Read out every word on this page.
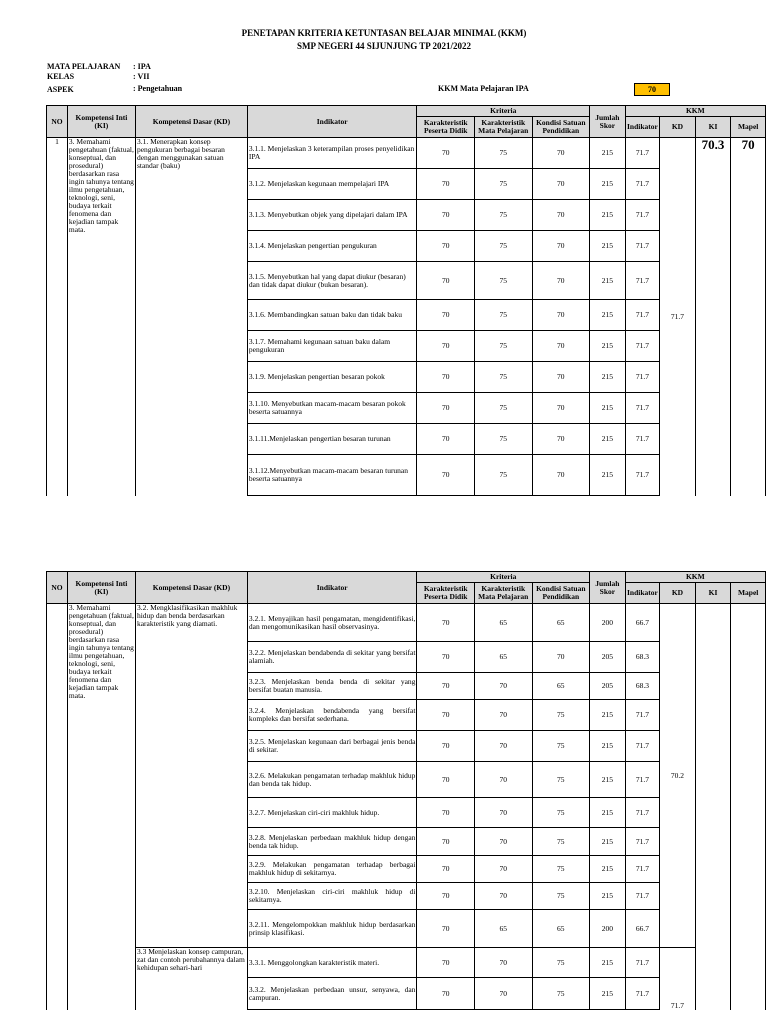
PENETAPAN KRITERIA KETUNTASAN BELAJAR MINIMAL (KKM)
SMP NEGERI 44 SIJUNJUNG TP 2021/2022
MATA PELAJARAN : IPA
KELAS	: VII
ASPEK	: Pengetahuan	KKM Mata Pelajaran IPA	70
NO	Kompetensi Inti (KI)	Kompetensi Dasar (KD)	Indikator	Kriteria			Jumlah Skor	KKM			
				Karakteristik Peserta Didik	Karakteristik Mata Pelajaran	Kondisi Satuan Pendidikan		Indikator	KD	KI	Mapel
1	3. Memahami pengetahuan (faktual, konseptual, dan prosedural) berdasarkan rasa ingin tahunya tentang ilmu pengetahuan, teknologi, seni, budaya terkait fenomena dan kejadian tampak mata.	3.1. Menerapkan konsep pengukuran berbagai besaran dengan menggunakan satuan standar (baku)	3.1.1. Menjelaskan 3 keterampilan proses penyelidikan IPA	70	75	70	215	71.7	71.7	70.3	70
			3.1.2. Menjelaskan kegunaan mempelajari IPA	70	75	70	215	71.7			
			3.1.3. Menyebutkan objek yang dipelajari dalam IPA	70	75	70	215	71.7			
			3.1.4. Menjelaskan pengertian pengukuran	70	75	70	215	71.7			
			3.1.5. Menyebutkan hal yang dapat diukur (besaran) dan tidak dapat diukur (bukan besaran).	70	75	70	215	71.7			
			3.1.6. Membandingkan satuan baku dan tidak baku	70	75	70	215	71.7			
			3.1.7. Memahami kegunaan satuan baku dalam pengukuran	70	75	70	215	71.7			
			3.1.9. Menjelaskan pengertian besaran pokok	70	75	70	215	71.7			
			3.1.10. Menyebutkan macam-macam besaran pokok beserta satuannya	70	75	70	215	71.7			
			3.1.11.Menjelaskan pengertian besaran turunan	70	75	70	215	71.7			
			3.1.12.Menyebutkan macam-macam besaran turunan beserta satuannya	70	75	70	215	71.7			
NO	Kompetensi Inti (KI)	Kompetensi Dasar (KD)	Indikator	Kriteria			Jumlah Skor	KKM			
				Karakteristik Peserta Didik	Karakteristik Mata Pelajaran	Kondisi Satuan Pendidikan		Indikator	KD	KI	Mapel
	3. Memahami pengetahuan (faktual, konseptual, dan prosedural) berdasarkan rasa ingin tahunya tentang ilmu pengetahuan, teknologi, seni, budaya terkait fenomena dan kejadian tampak mata.	3.2. Mengklasifikasikan makhluk hidup dan benda berdasarkan karakteristik yang diamati.	3.2.1. Menyajikan hasil pengamatan, mengidentifikasi, dan mengomunikasikan hasil observasinya.	70	65	65	200	66.7	70.2		
			3.2.2. Menjelaskan bendabenda di sekitar yang bersifat alamiah.	70	65	70	205	68.3			
			3.2.3. Menjelaskan benda benda di sekitar yang bersifat buatan manusia.	70	70	65	205	68.3			
			3.2.4. Menjelaskan bendabenda yang bersifat kompleks dan bersifat sederhana.	70	70	75	215	71.7			
			3.2.5. Menjelaskan kegunaan dari berbagai jenis benda di sekitar.	70	70	75	215	71.7			
			3.2.6. Melakukan pengamatan terhadap makhluk hidup dan benda tak hidup.	70	70	75	215	71.7			
			3.2.7. Menjelaskan ciri-ciri makhluk hidup.	70	70	75	215	71.7			
			3.2.8. Menjelaskan perbedaan makhluk hidup dengan benda tak hidup.	70	70	75	215	71.7			
			3.2.9. Melakukan pengamatan terhadap berbagai makhluk hidup di sekitarnya.	70	70	75	215	71.7			
			3.2.10. Menjelaskan ciri-ciri makhluk hidup di sekitarnya.	70	70	75	215	71.7			
			3.2.11. Mengelompokkan makhluk hidup berdasarkan prinsip klasifikasi.	70	65	65	200	66.7			
		3.3 Menjelaskan konsep campuran, zat dan contoh perubahannya dalam kehidupan sehari-hari	3.3.1. Menggolongkan karakteristik materi.	70	70	75	215	71.7	71.7		
			3.3.2. Menjelaskan perbedaan unsur, senyawa, dan campuran.	70	70	75	215	71.7			
